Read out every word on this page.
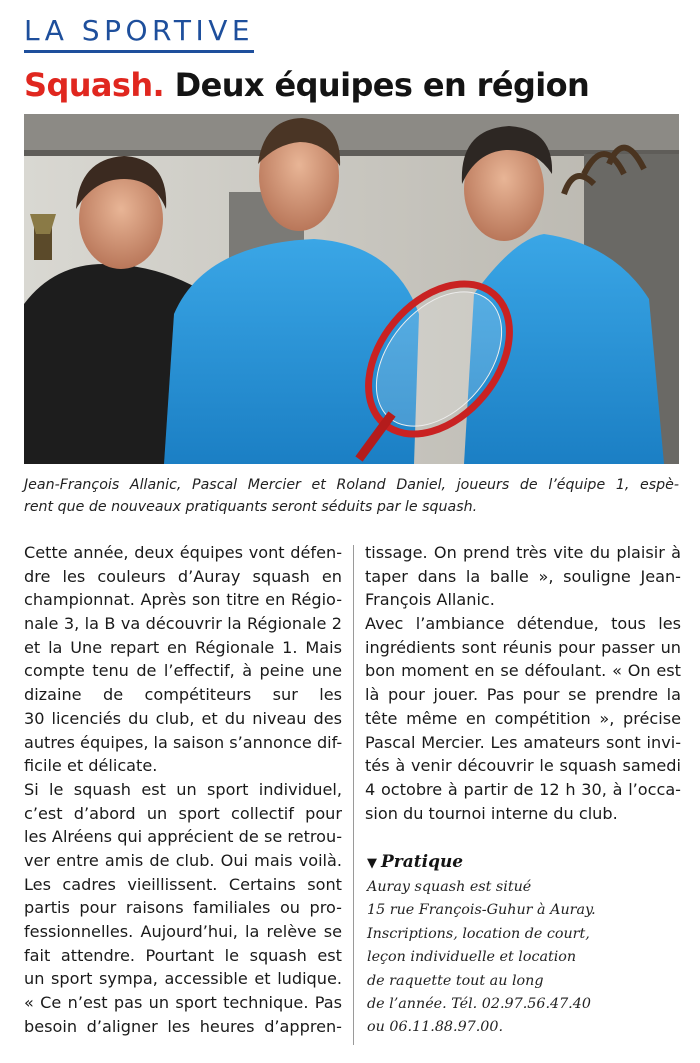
LA SPORTIVE
Squash. Deux équipes en région
Jean-François Allanic, Pascal Mercier et Roland Daniel, joueurs de l’équipe 1, espè-
rent que de nouveaux pratiquants seront séduits par le squash.
Cette année, deux équipes vont défen-
dre les couleurs d’Auray squash en
championnat. Après son titre en Régio-
nale 3, la B va découvrir la Régionale 2
et la Une repart en Régionale 1. Mais
compte tenu de l’effectif, à peine une
dizaine de compétiteurs sur les
30 licenciés du club, et du niveau des
autres équipes, la saison s’annonce dif-
ficile et délicate.
Si le squash est un sport individuel,
c’est d’abord un sport collectif pour
les Alréens qui apprécient de se retrou-
ver entre amis de club. Oui mais voilà.
Les cadres vieillissent. Certains sont
partis pour raisons familiales ou pro-
fessionnelles. Aujourd’hui, la relève se
fait attendre. Pourtant le squash est
un sport sympa, accessible et ludique.
« Ce n’est pas un sport technique. Pas
besoin d’aligner les heures d’appren-
tissage. On prend très vite du plaisir à
taper dans la balle », souligne Jean-
François Allanic.
Avec l’ambiance détendue, tous les
ingrédients sont réunis pour passer un
bon moment en se défoulant. « On est
là pour jouer. Pas pour se prendre la
tête même en compétition », précise
Pascal Mercier. Les amateurs sont invi-
tés à venir découvrir le squash samedi
4 octobre à partir de 12 h 30, à l’occa-
sion du tournoi interne du club.
▼ Pratique
Auray squash est situé
15 rue François-Guhur à Auray.
Inscriptions, location de court,
leçon individuelle et location
de raquette tout au long
de l’année. Tél. 02.97.56.47.40
ou 06.11.88.97.00.
